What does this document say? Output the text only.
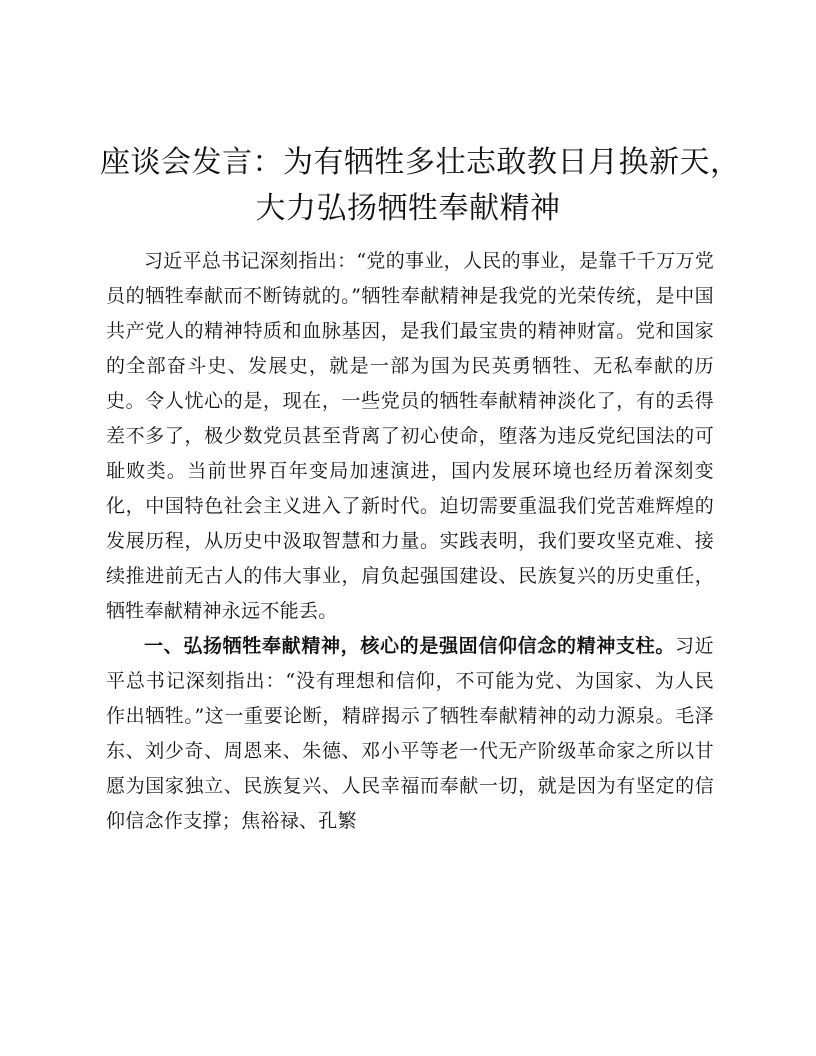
座谈会发言：为有牺牲多壮志敢教日月换新天，
大力弘扬牺牲奉献精神

习近平总书记深刻指出：“党的事业，人民的事业，是靠千千万万党员的牺牲奉献而不断铸就的。”牺牲奉献精神是我党的光荣传统，是中国共产党人的精神特质和血脉基因，是我们最宝贵的精神财富。党和国家的全部奋斗史、发展史，就是一部为国为民英勇牺牲、无私奉献的历史。令人忧心的是，现在，一些党员的牺牲奉献精神淡化了，有的丢得差不多了，极少数党员甚至背离了初心使命，堕落为违反党纪国法的可耻败类。当前世界百年变局加速演进，国内发展环境也经历着深刻变化，中国特色社会主义进入了新时代。迫切需要重温我们党苦难辉煌的发展历程，从历史中汲取智慧和力量。实践表明，我们要攻坚克难、接续推进前无古人的伟大事业，肩负起强国建设、民族复兴的历史重任，牺牲奉献精神永远不能丢。

一、弘扬牺牲奉献精神，核心的是强固信仰信念的精神支柱。习近平总书记深刻指出：“没有理想和信仰，不可能为党、为国家、为人民作出牺牲。”这一重要论断，精辟揭示了牺牲奉献精神的动力源泉。毛泽东、刘少奇、周恩来、朱德、邓小平等老一代无产阶级革命家之所以甘愿为国家独立、民族复兴、人民幸福而奉献一切，就是因为有坚定的信仰信念作支撑；焦裕禄、孔繁
